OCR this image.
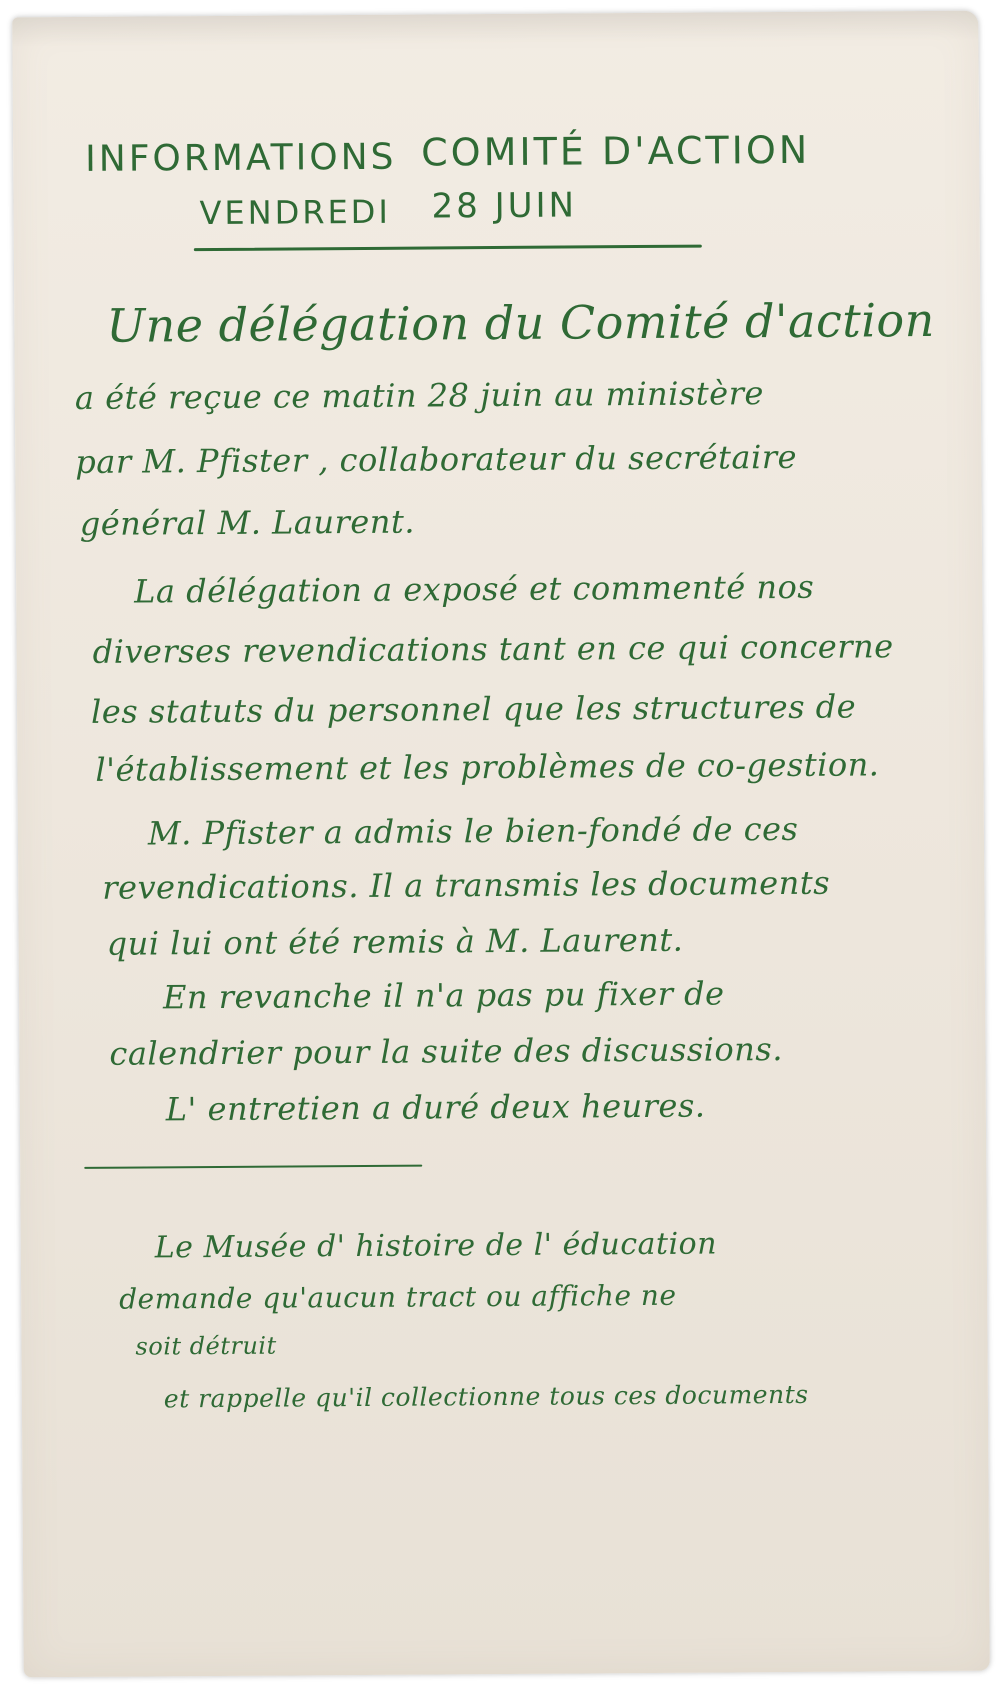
INFORMATIONS COMITÉ D'ACTION
VENDREDI 28 JUIN
Une délégation du Comité d'action
a été reçue ce matin 28 juin au ministère
par M. Pfister , collaborateur du secrétaire
général M. Laurent.
La délégation a exposé et commenté nos
diverses revendications tant en ce qui concerne
les statuts du personnel que les structures de
l'établissement et les problèmes de co-gestion.
M. Pfister a admis le bien-fondé de ces
revendications. Il a transmis les documents
qui lui ont été remis à M. Laurent.
En revanche il n'a pas pu fixer de
calendrier pour la suite des discussions.
L' entretien a duré deux heures.
Le Musée d' histoire de l' éducation
demande qu'aucun tract ou affiche ne
soit détruit
et rappelle qu'il collectionne tous ces documents
